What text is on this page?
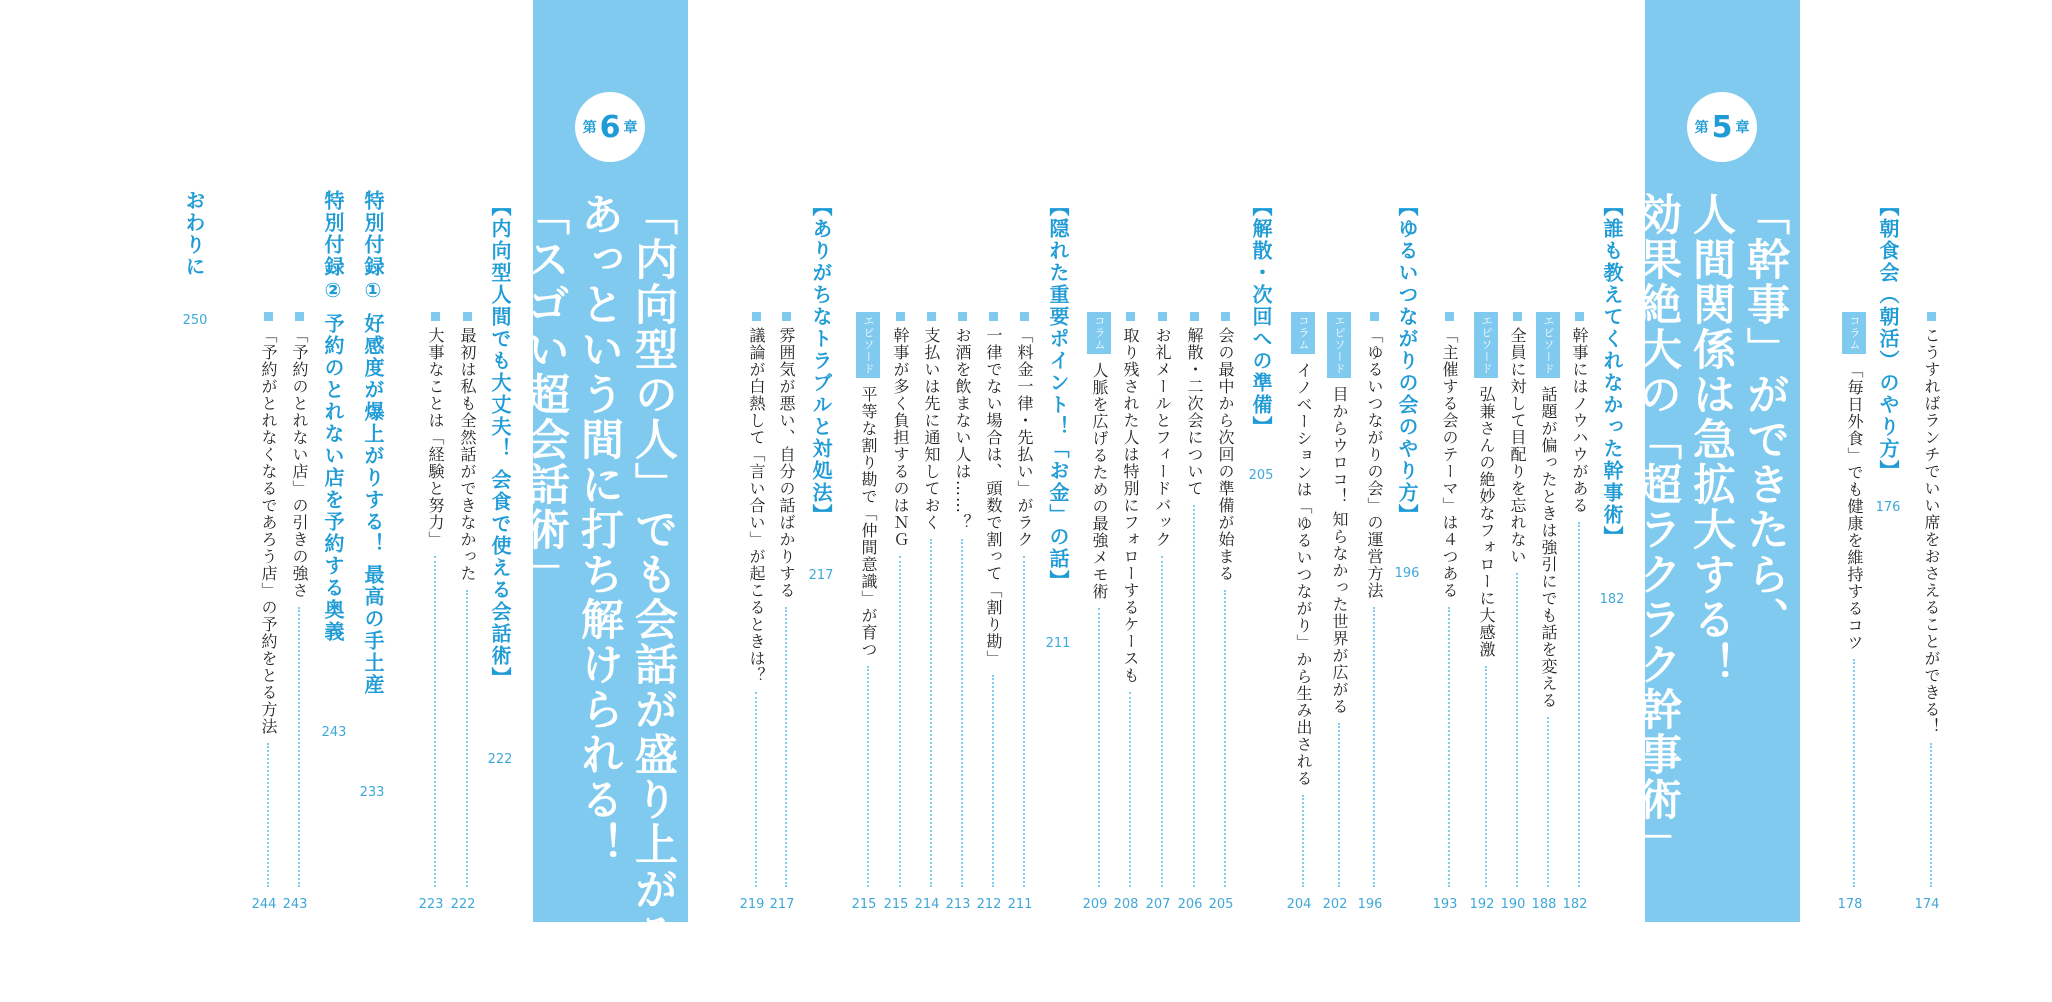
第 5 章
「幹事」ができたら、
人間関係は急拡大する！
効果絶大の「超ラクラク幹事術」
第 6 章
「内向型の人」でも会話が盛り上がる！
あっという間に打ち解けられる！
「スゴい超会話術」	【朝食会（朝活）のやり方】
176
【誰も教えてくれなかった幹事術】
182
【ゆるいつながりの会のやり方】
196
【解散・次回への準備】
205
【隠れた重要ポイント！「お金」の話】
211
【ありがちなトラブルと対処法】
217
【内向型人間でも大丈夫！ 会食で使える会話術】
222
こうすればランチでいい席をおさえることができる！
174
コラム「毎日外食」でも健康を維持するコツ
178
幹事にはノウハウがある
182
エピソード話題が偏ったときは強引にでも話を変える
188
全員に対して目配りを忘れない
190
エピソード弘兼さんの絶妙なフォローに大感激
192
「主催する会のテーマ」は４つある
193
「ゆるいつながりの会」の運営方法
196
エピソード目からウロコ！ 知らなかった世界が広がる
202
コラムイノベーションは「ゆるいつながり」から生み出される
204
会の最中から次回の準備が始まる
205
解散・二次会について
206
お礼メールとフィードバック
207
取り残された人は特別にフォローするケースも
208
コラム人脈を広げるための最強メモ術
209
「料金一律・先払い」がラク
211
一律でない場合は、頭数で割って「割り勘」
212
お酒を飲まない人は……？
213
支払いは先に通知しておく
214
幹事が多く負担するのはＮＧ
215
エピソード平等な割り勘で「仲間意識」が育つ
215
雰囲気が悪い、自分の話ばかりする
217
議論が白熱して「言い合い」が起こるときは？
219
最初は私も全然話ができなかった
222
大事なことは「経験と努力」
223
特別付録① 好感度が爆上がりする！ 最高の手土産
233
特別付録② 予約のとれない店を予約する奥義
243
「予約のとれない店」の引きの強さ
243
「予約がとれなくなるであろう店」の予約をとる方法
244
おわりに
250
